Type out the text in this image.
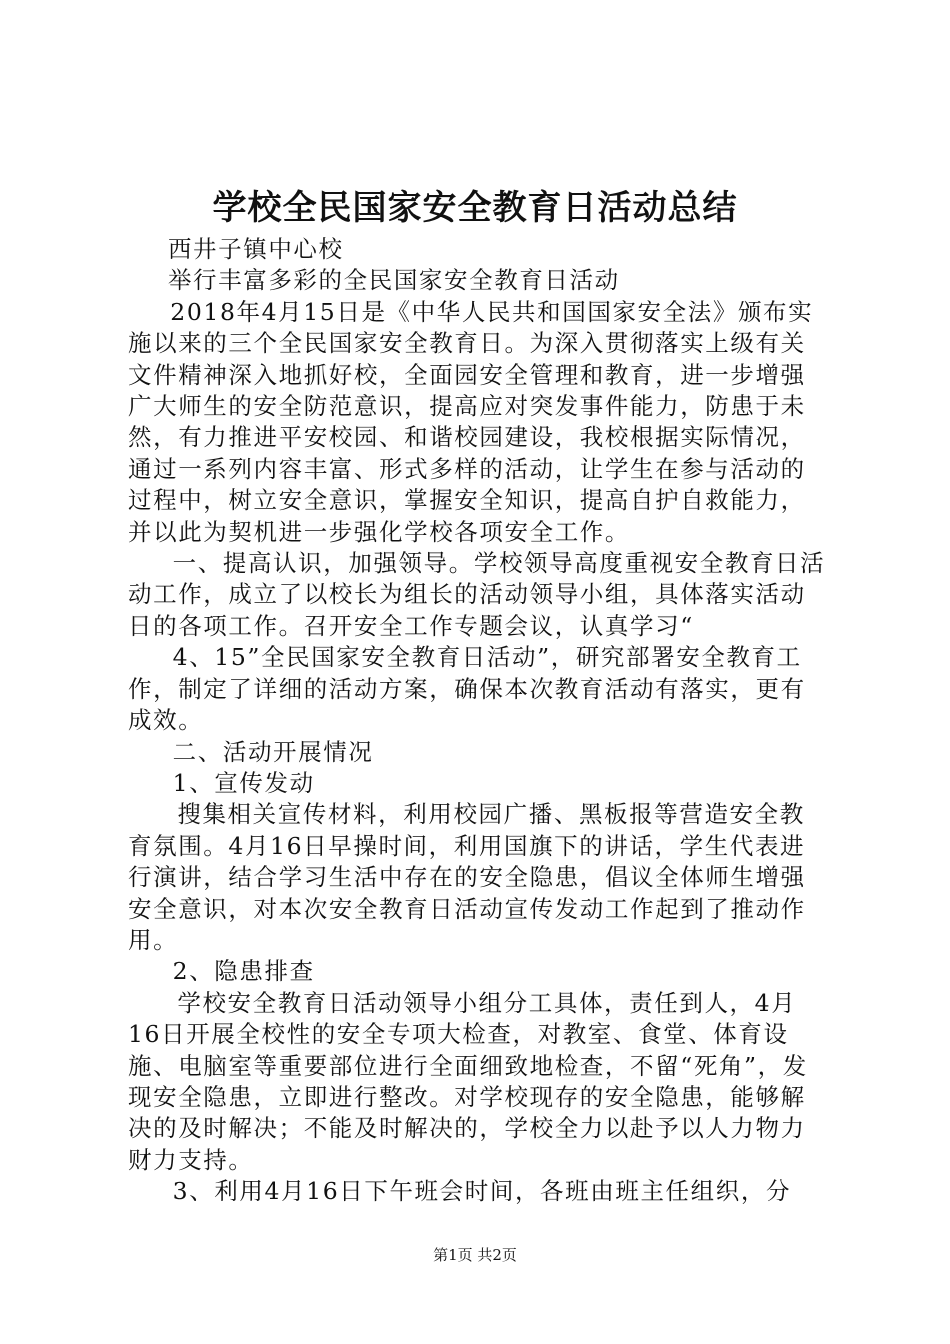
学校全民国家安全教育日活动总结

西井子镇中心校

举行丰富多彩的全民国家安全教育日活动

2018年4月15日是《中华人民共和国国家安全法》颁布实施以来的三个全民国家安全教育日。为深入贯彻落实上级有关文件精神深入地抓好校，全面园安全管理和教育，进一步增强广大师生的安全防范意识，提高应对突发事件能力，防患于未然，有力推进平安校园、和谐校园建设，我校根据实际情况，通过一系列内容丰富、形式多样的活动，让学生在参与活动的过程中，树立安全意识，掌握安全知识，提高自护自救能力，并以此为契机进一步强化学校各项安全工作。

一、提高认识，加强领导。学校领导高度重视安全教育日活动工作，成立了以校长为组长的活动领导小组，具体落实活动日的各项工作。召开安全工作专题会议，认真学习“

4、15”全民国家安全教育日活动”，研究部署安全教育工作，制定了详细的活动方案，确保本次教育活动有落实，更有成效。

二、活动开展情况

1、宣传发动

搜集相关宣传材料，利用校园广播、黑板报等营造安全教育氛围。4月16日早操时间，利用国旗下的讲话，学生代表进行演讲，结合学习生活中存在的安全隐患，倡议全体师生增强安全意识，对本次安全教育日活动宣传发动工作起到了推动作用。

2、隐患排查

学校安全教育日活动领导小组分工具体，责任到人，4月16日开展全校性的安全专项大检查，对教室、食堂、体育设施、电脑室等重要部位进行全面细致地检查，不留“死角”，发现安全隐患，立即进行整改。对学校现存的安全隐患，能够解决的及时解决；不能及时解决的，学校全力以赴予以人力物力财力支持。

3、利用4月16日下午班会时间，各班由班主任组织，分

第1页 共2页
